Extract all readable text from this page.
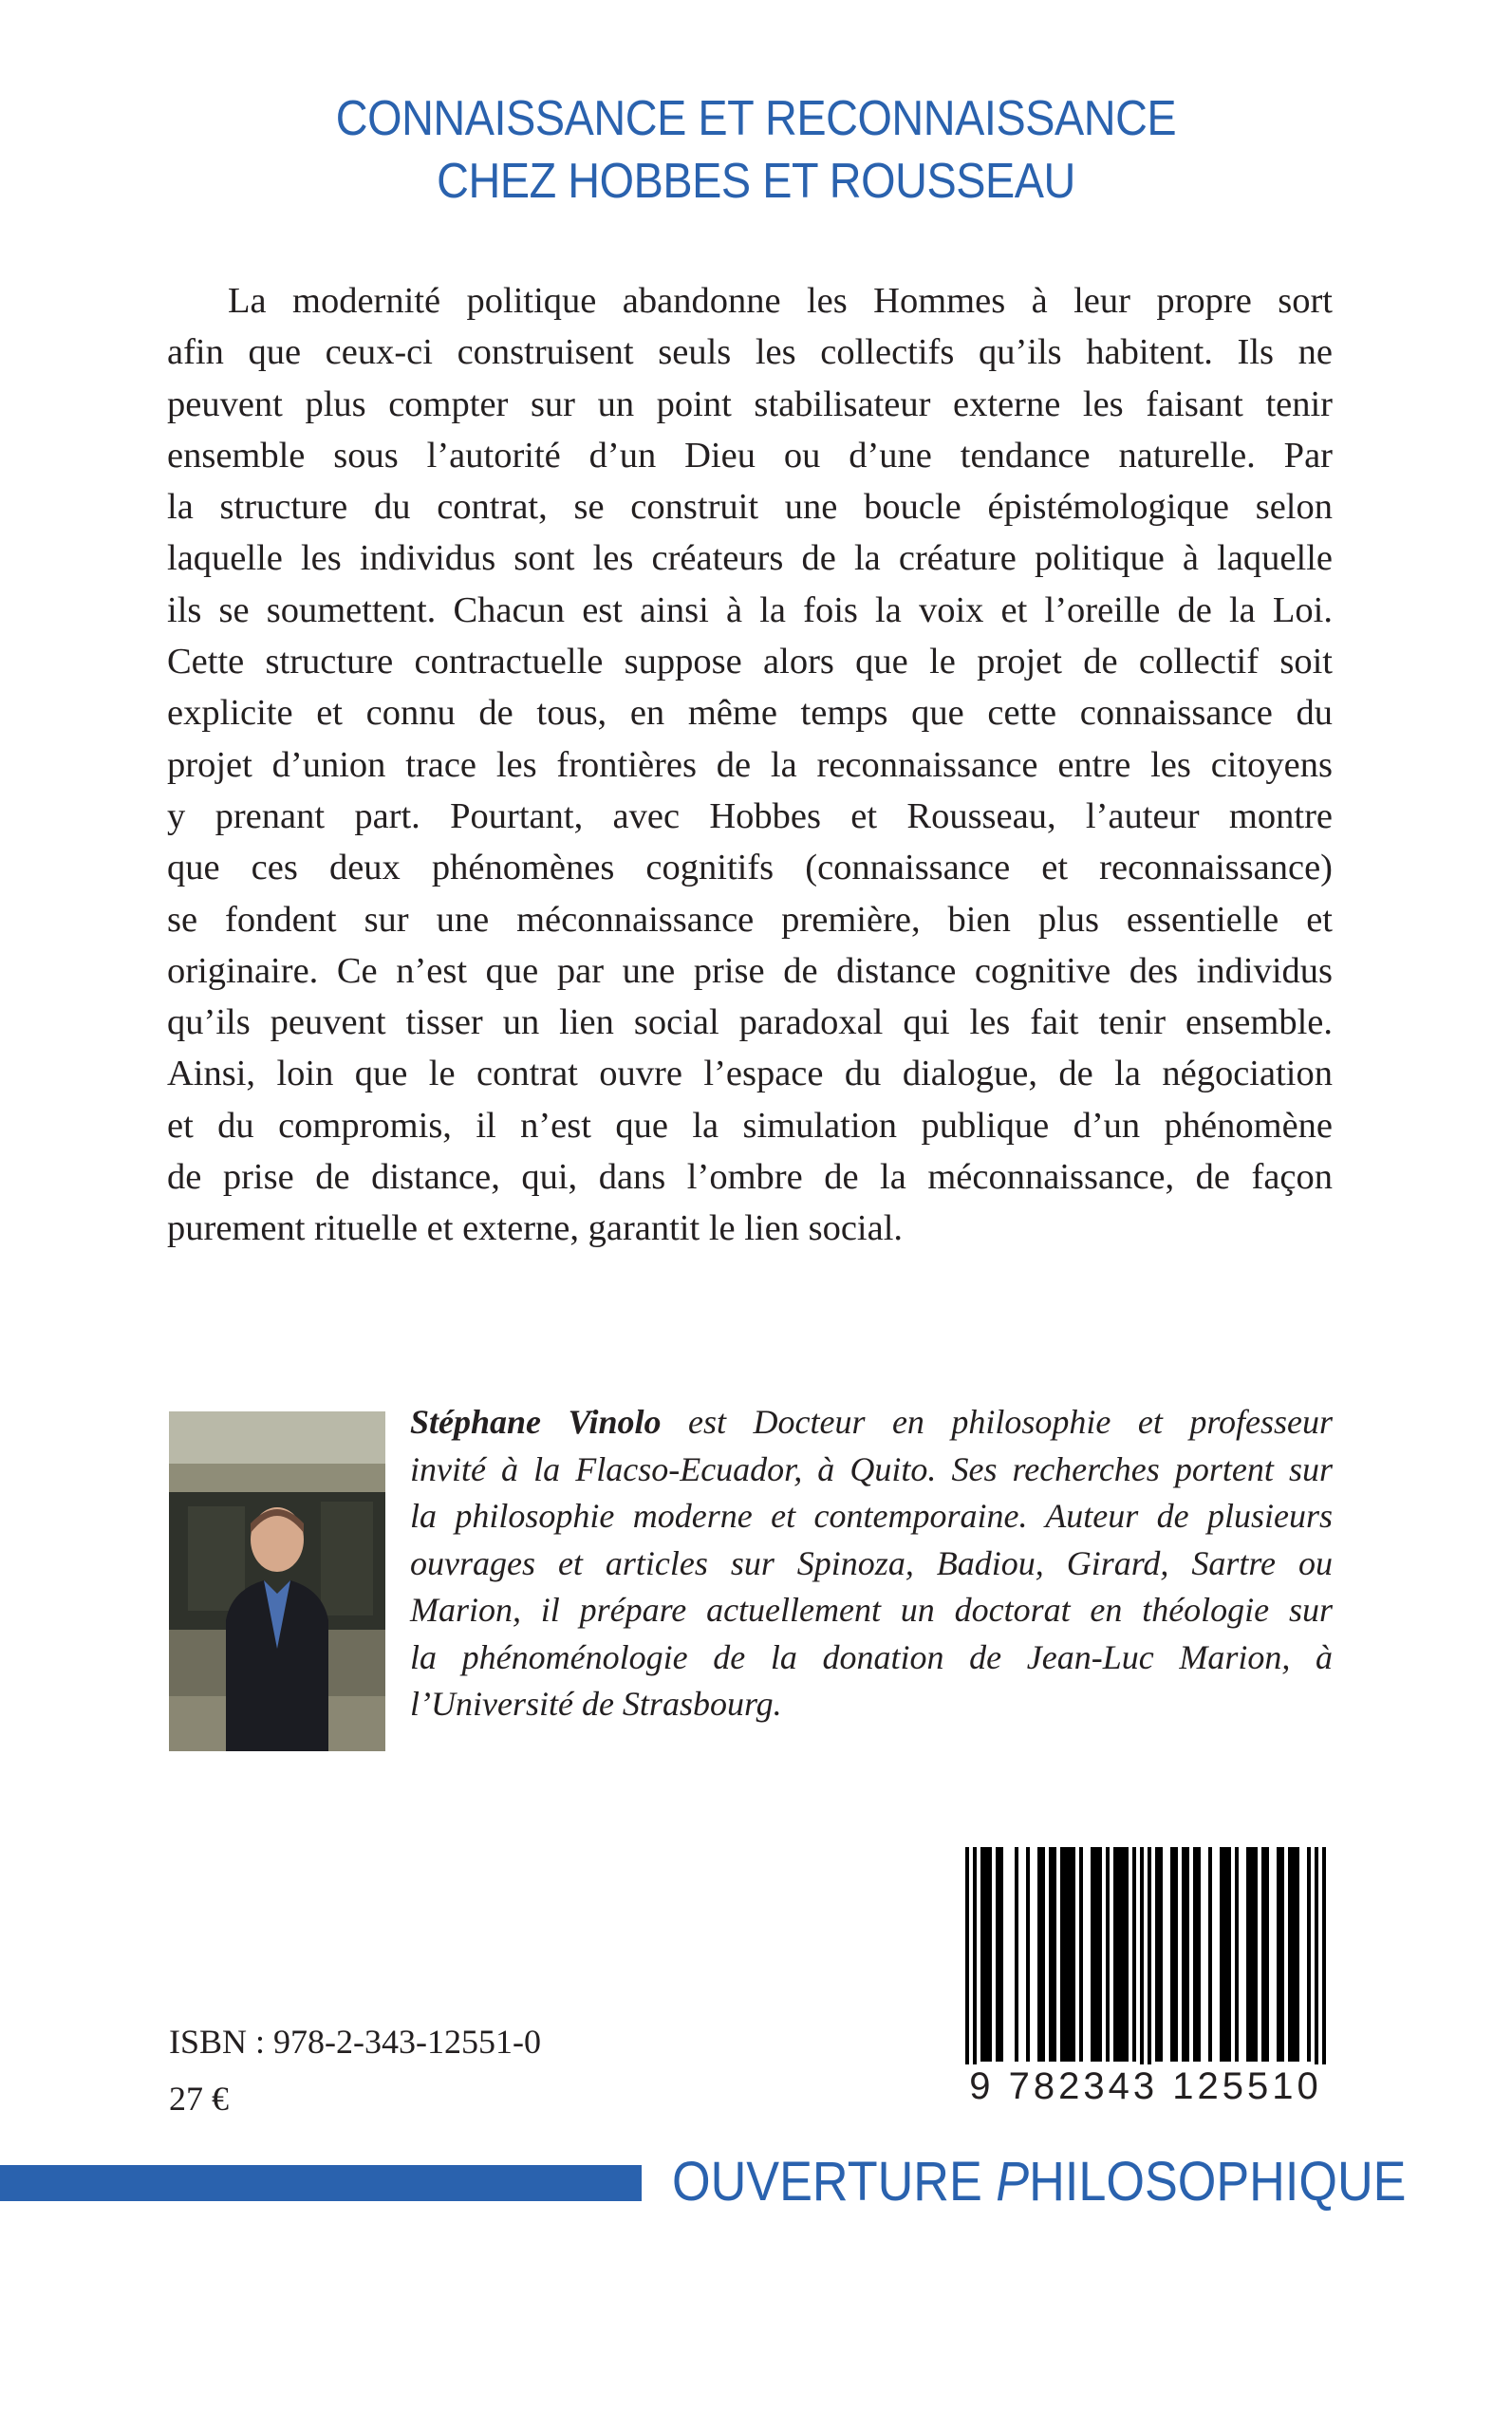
CONNAISSANCE ET RECONNAISSANCE
CHEZ HOBBES ET ROUSSEAU
La modernité politique abandonne les Hommes à leur propre sort
afin que ceux-ci construisent seuls les collectifs qu’ils habitent. Ils ne
peuvent plus compter sur un point stabilisateur externe les faisant tenir
ensemble sous l’autorité d’un Dieu ou d’une tendance naturelle. Par
la structure du contrat, se construit une boucle épistémologique selon
laquelle les individus sont les créateurs de la créature politique à laquelle
ils se soumettent. Chacun est ainsi à la fois la voix et l’oreille de la Loi.
Cette structure contractuelle suppose alors que le projet de collectif soit
explicite et connu de tous, en même temps que cette connaissance du
projet d’union trace les frontières de la reconnaissance entre les citoyens
y prenant part. Pourtant, avec Hobbes et Rousseau, l’auteur montre
que ces deux phénomènes cognitifs (connaissance et reconnaissance)
se fondent sur une méconnaissance première, bien plus essentielle et
originaire. Ce n’est que par une prise de distance cognitive des individus
qu’ils peuvent tisser un lien social paradoxal qui les fait tenir ensemble.
Ainsi, loin que le contrat ouvre l’espace du dialogue, de la négociation
et du compromis, il n’est que la simulation publique d’un phénomène
de prise de distance, qui, dans l’ombre de la méconnaissance, de façon
purement rituelle et externe, garantit le lien social.
Stéphane Vinolo est Docteur en philosophie et professeur
invité à la Flacso-Ecuador, à Quito. Ses recherches portent sur
la philosophie moderne et contemporaine. Auteur de plusieurs
ouvrages et articles sur Spinoza, Badiou, Girard, Sartre ou
Marion, il prépare actuellement un doctorat en théologie sur
la phénoménologie de la donation de Jean-Luc Marion, à
l’Université de Strasbourg.
ISBN : 978-2-343-12551-0
27 €	9 782343 125510
OUVERTURE PHILOSOPHIQUE
